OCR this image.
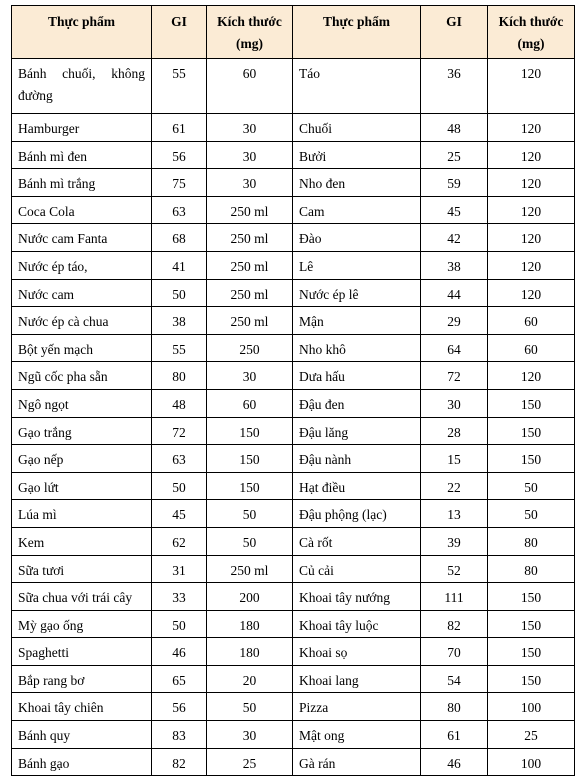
Thực phẩm	GI	Kích thước (mg)	Thực phẩm	GI	Kích thước (mg)
Bánh chuối, không đường	55	60	Táo	36	120
Hamburger	61	30	Chuối	48	120
Bánh mì đen	56	30	Bưởi	25	120
Bánh mì trắng	75	30	Nho đen	59	120
Coca Cola	63	250 ml	Cam	45	120
Nước cam Fanta	68	250 ml	Đào	42	120
Nước ép táo,	41	250 ml	Lê	38	120
Nước cam	50	250 ml	Nước ép lê	44	120
Nước ép cà chua	38	250 ml	Mận	29	60
Bột yến mạch	55	250	Nho khô	64	60
Ngũ cốc pha sẵn	80	30	Dưa hấu	72	120
Ngô ngọt	48	60	Đậu đen	30	150
Gạo trắng	72	150	Đậu lăng	28	150
Gạo nếp	63	150	Đậu nành	15	150
Gạo lứt	50	150	Hạt điều	22	50
Lúa mì	45	50	Đậu phộng (lạc)	13	50
Kem	62	50	Cà rốt	39	80
Sữa tươi	31	250 ml	Củ cải	52	80
Sữa chua với trái cây	33	200	Khoai tây nướng	111	150
Mỳ gạo ống	50	180	Khoai tây luộc	82	150
Spaghetti	46	180	Khoai sọ	70	150
Bắp rang bơ	65	20	Khoai lang	54	150
Khoai tây chiên	56	50	Pizza	80	100
Bánh quy	83	30	Mật ong	61	25
Bánh gạo	82	25	Gà rán	46	100
